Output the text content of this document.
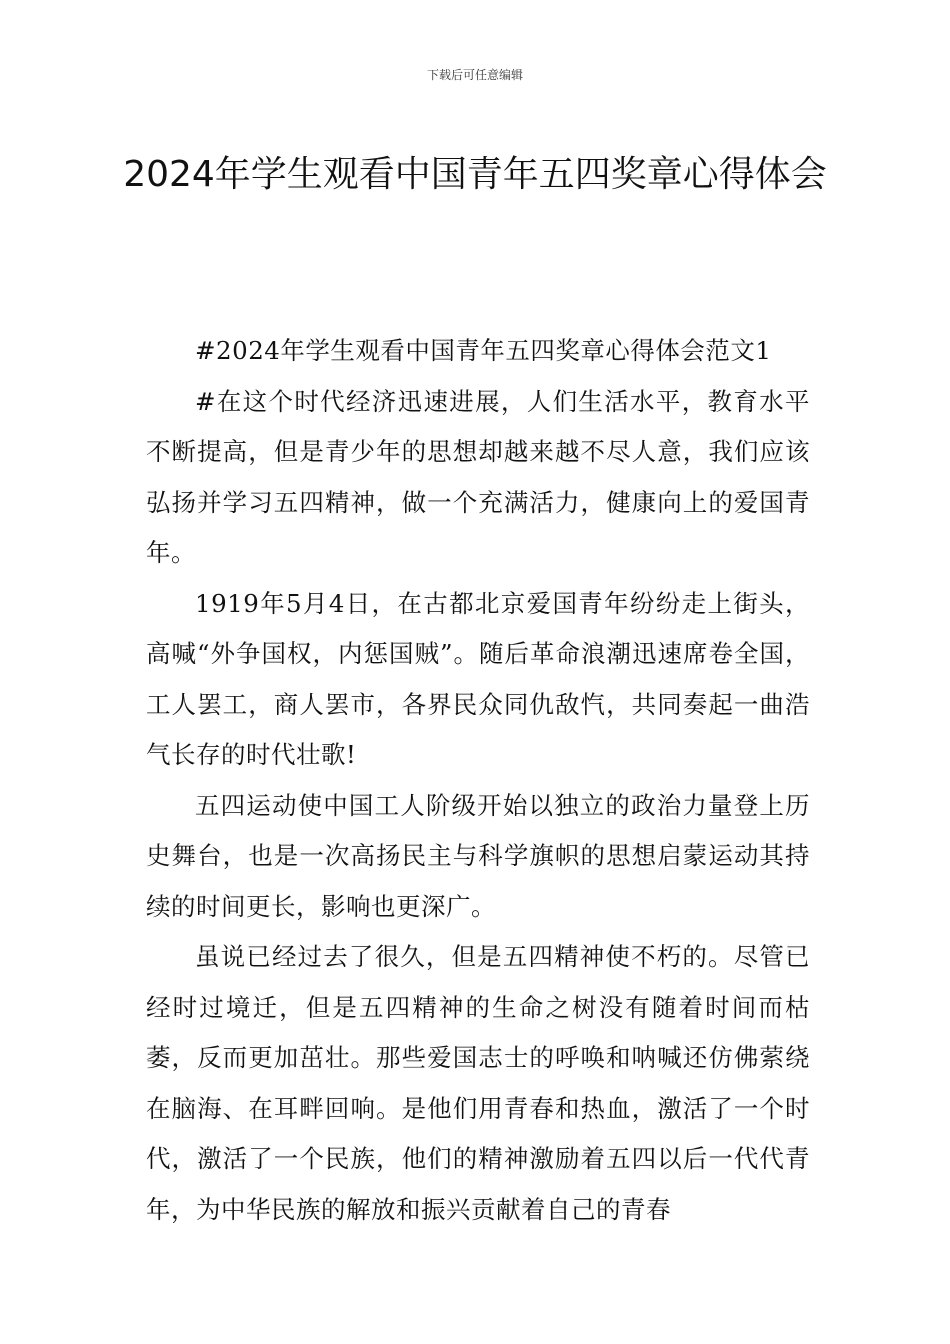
下载后可任意编辑
2024年学生观看中国青年五四奖章心得体会

#2024年学生观看中国青年五四奖章心得体会范文1

#在这个时代经济迅速进展，人们生活水平，教育水平不断提高，但是青少年的思想却越来越不尽人意，我们应该弘扬并学习五四精神，做一个充满活力，健康向上的爱国青年。

1919年5月4日，在古都北京爱国青年纷纷走上街头，高喊“外争国权，内惩国贼”。随后革命浪潮迅速席卷全国，工人罢工，商人罢市，各界民众同仇敌忾，共同奏起一曲浩气长存的时代壮歌!

五四运动使中国工人阶级开始以独立的政治力量登上历史舞台，也是一次高扬民主与科学旗帜的思想启蒙运动其持续的时间更长，影响也更深广。

虽说已经过去了很久，但是五四精神使不朽的。尽管已经时过境迁，但是五四精神的生命之树没有随着时间而枯萎，反而更加茁壮。那些爱国志士的呼唤和呐喊还仿佛萦绕在脑海、在耳畔回响。是他们用青春和热血，激活了一个时代，激活了一个民族，他们的精神激励着五四以后一代代青年，为中华民族的解放和振兴贡献着自己的青春
